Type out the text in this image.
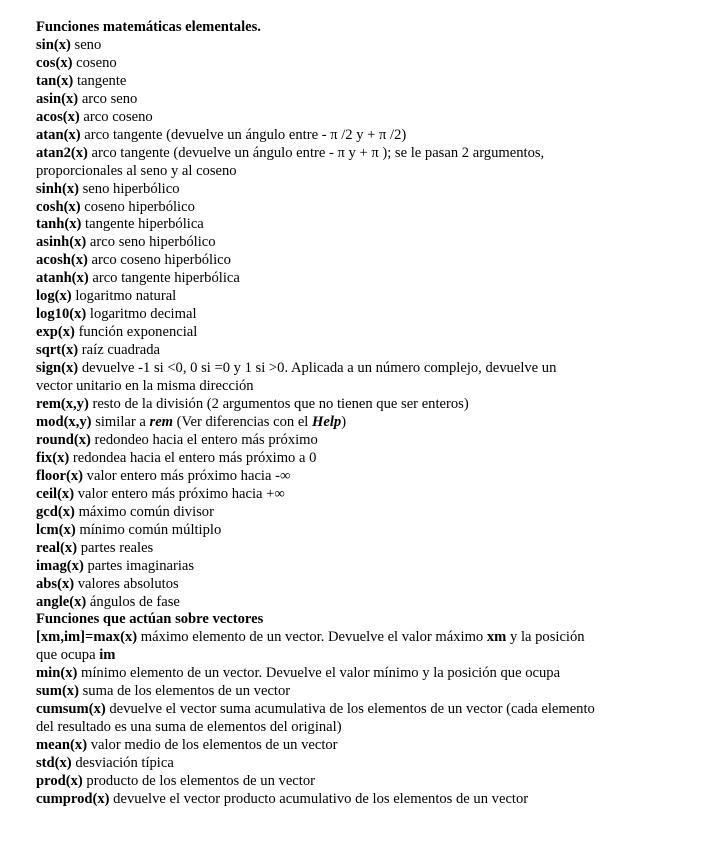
Funciones matemáticas elementales.

sin(x) seno

cos(x) coseno

tan(x) tangente

asin(x) arco seno

acos(x) arco coseno

atan(x) arco tangente (devuelve un ángulo entre - π /2 y + π /2)

atan2(x) arco tangente (devuelve un ángulo entre - π y + π ); se le pasan 2 argumentos, proporcionales al seno y al coseno

sinh(x) seno hiperbólico

cosh(x) coseno hiperbólico

tanh(x) tangente hiperbólica

asinh(x) arco seno hiperbólico

acosh(x) arco coseno hiperbólico

atanh(x) arco tangente hiperbólica

log(x) logaritmo natural

log10(x) logaritmo decimal

exp(x) función exponencial

sqrt(x) raíz cuadrada

sign(x) devuelve -1 si <0, 0 si =0 y 1 si >0. Aplicada a un número complejo, devuelve un vector unitario en la misma dirección

rem(x,y) resto de la división (2 argumentos que no tienen que ser enteros)

mod(x,y) similar a rem (Ver diferencias con el Help)

round(x) redondeo hacia el entero más próximo

fix(x) redondea hacia el entero más próximo a 0

floor(x) valor entero más próximo hacia -∞

ceil(x) valor entero más próximo hacia +∞

gcd(x) máximo común divisor

lcm(x) mínimo común múltiplo

real(x) partes reales

imag(x) partes imaginarias

abs(x) valores absolutos

angle(x) ángulos de fase

Funciones que actúan sobre vectores

[xm,im]=max(x) máximo elemento de un vector. Devuelve el valor máximo xm y la posición que ocupa im

min(x) mínimo elemento de un vector. Devuelve el valor mínimo y la posición que ocupa

sum(x) suma de los elementos de un vector

cumsum(x) devuelve el vector suma acumulativa de los elementos de un vector (cada elemento del resultado es una suma de elementos del original)

mean(x) valor medio de los elementos de un vector

std(x) desviación típica

prod(x) producto de los elementos de un vector

cumprod(x) devuelve el vector producto acumulativo de los elementos de un vector
